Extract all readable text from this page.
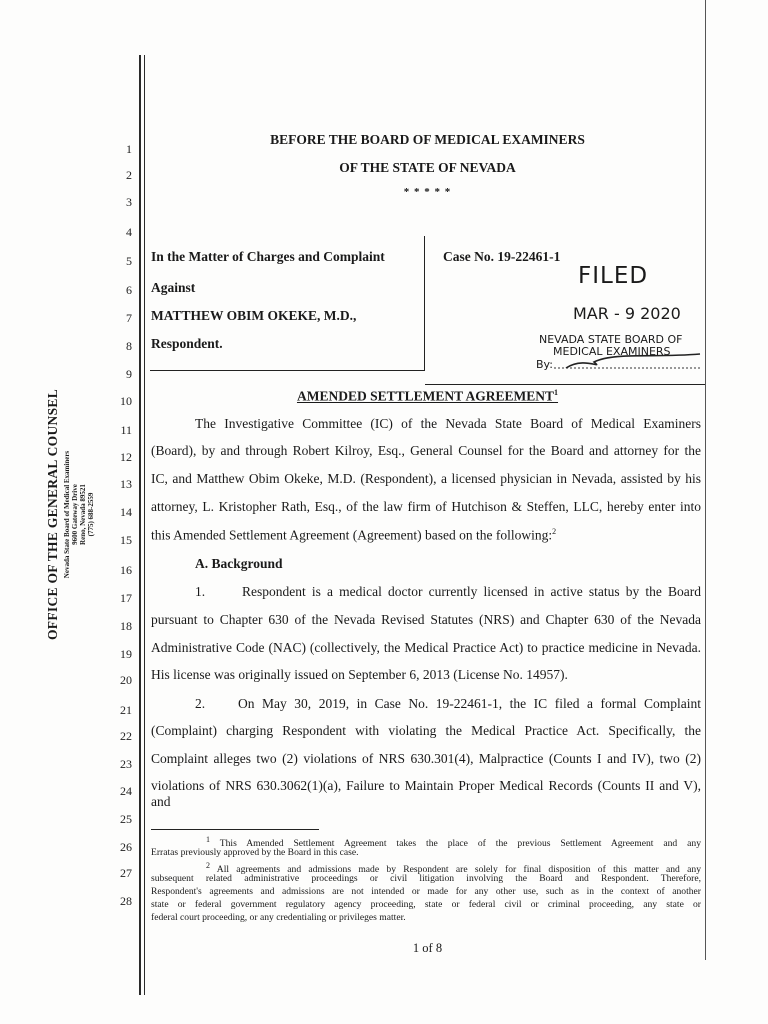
1
2
3
4
5
6
7
8
9
10
11
12
13
14
15
16
17
18
19
20
21
22
23
24
25
26
27
28
OFFICE OF THE GENERAL COUNSEL Nevada State Board of Medical Examiners 9600 Gateway Drive Reno, Nevada 89521 (775) 688-2559
BEFORE THE BOARD OF MEDICAL EXAMINERS
OF THE STATE OF NEVADA
* * * * *
In the Matter of Charges and Complaint
Against
MATTHEW OBIM OKEKE, M.D.,
Respondent.
Case No. 19-22461-1
FILED
MAR - 9 2020
NEVADA STATE BOARD OF
MEDICAL EXAMINERS
By:
AMENDED SETTLEMENT AGREEMENT$^1$
The Investigative Committee (IC) of the Nevada State Board of Medical Examiners
(Board), by and through Robert Kilroy, Esq., General Counsel for the Board and attorney for the
IC, and Matthew Obim Okeke, M.D. (Respondent), a licensed physician in Nevada, assisted by his
attorney, L. Kristopher Rath, Esq., of the law firm of Hutchison & Steffen, LLC, hereby enter into
this Amended Settlement Agreement (Agreement) based on the following:$^2$
A. Background
1.	Respondent is a medical doctor currently licensed in active status by the Board
pursuant to Chapter 630 of the Nevada Revised Statutes (NRS) and Chapter 630 of the Nevada
Administrative Code (NAC) (collectively, the Medical Practice Act) to practice medicine in Nevada.
His license was originally issued on September 6, 2013 (License No. 14957).
2. On May 30, 2019, in Case No. 19-22461-1, the IC filed a formal Complaint
(Complaint) charging Respondent with violating the Medical Practice Act. Specifically, the
Complaint alleges two (2) violations of NRS 630.301(4), Malpractice (Counts I and IV), two (2)
violations of NRS 630.3062(1)(a), Failure to Maintain Proper Medical Records (Counts II and V), and
$^1$ This Amended Settlement Agreement takes the place of the previous Settlement Agreement and any
Erratas previously approved by the Board in this case.
$^2$ All agreements and admissions made by Respondent are solely for final disposition of this matter and any
subsequent related administrative proceedings or civil litigation involving the Board and Respondent. Therefore,
Respondent's agreements and admissions are not intended or made for any other use, such as in the context of another
state or federal government regulatory agency proceeding, state or federal civil or criminal proceeding, any state or
federal court proceeding, or any credentialing or privileges matter.
1 of 8
